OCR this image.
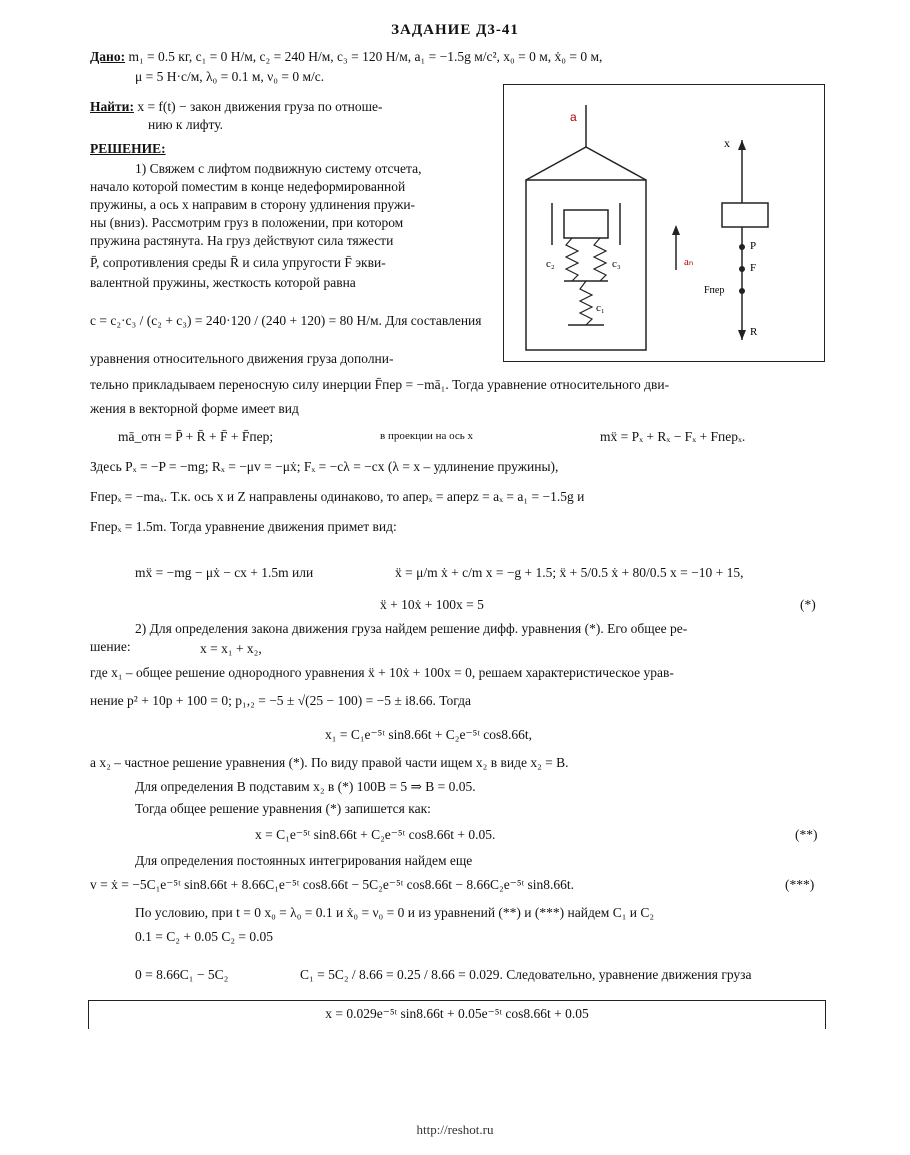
ЗАДАНИЕ Д3-41
Дано: m₁ = 0.5 кг, c₁ = 0 Н/м, c₂ = 240 Н/м, c₃ = 120 Н/м, a₁ = −1.5g м/с², x₀ = 0 м, ẋ₀ = 0 м,
μ = 5 Н·с/м, λ₀ = 0.1 м, ν₀ = 0 м/с.
Найти: x = f(t) − закон движения груза по отноше-
нию к лифту.
РЕШЕНИЕ:
1) Свяжем с лифтом подвижную систему отсчета,
начало которой поместим в конце недеформированной
пружины, а ось x направим в сторону удлинения пружи-
ны (вниз). Рассмотрим груз в положении, при котором
пружина растянута. На груз действуют сила тяжести
P̄, сопротивления среды R̄ и сила упругости F̄ экви-
валентной пружины, жесткость которой равна
c = c₂·c₃ / (c₂ + c₃) = 240·120 / (240 + 120) = 80 Н/м. Для составления
уравнения относительного движения груза дополни-
тельно прикладываем переносную силу инерции F̄пер = −mā₁. Тогда уравнение относительного дви-
жения в векторной форме имеет вид
a
c₂	c₃
c₁
aₙ
x
P
F
Fпер
R
mā_отн = P̄ + R̄ + F̄ + F̄пер;	в проекции на ось x	mẍ = Pₓ + Rₓ − Fₓ + Fперₓ.
Здесь Pₓ = −P = −mg; Rₓ = −μv = −μẋ; Fₓ = −cλ = −cx (λ = x – удлинение пружины),
Fперₓ = −maₓ. Т.к. ось x и Z направлены одинаково, то aперₓ = aперz = aₓ = a₁ = −1.5g и
Fперₓ = 1.5m. Тогда уравнение движения примет вид:
mẍ = −mg − μẋ − cx + 1.5m или	ẍ = μ/m ẋ + c/m x = −g + 1.5; ẍ + 5/0.5 ẋ + 80/0.5 x = −10 + 15,
ẍ + 10ẋ + 100x = 5	(*)
2) Для определения закона движения груза найдем решение дифф. уравнения (*). Его общее ре-
шение:	x = x₁ + x₂,
где x₁ – общее решение однородного уравнения ẍ + 10ẋ + 100x = 0, решаем характеристическое урав-
нение p² + 10p + 100 = 0; p₁,₂ = −5 ± √(25 − 100) = −5 ± i8.66. Тогда
x₁ = C₁e⁻⁵ᵗ sin8.66t + C₂e⁻⁵ᵗ cos8.66t,
а x₂ – частное решение уравнения (*). По виду правой части ищем x₂ в виде x₂ = B.
Для определения B подставим x₂ в (*) 100B = 5 ⇒ B = 0.05.
Тогда общее решение уравнения (*) запишется как:
x = C₁e⁻⁵ᵗ sin8.66t + C₂e⁻⁵ᵗ cos8.66t + 0.05.	(**)
Для определения постоянных интегрирования найдем еще
v = ẋ = −5C₁e⁻⁵ᵗ sin8.66t + 8.66C₁e⁻⁵ᵗ cos8.66t − 5C₂e⁻⁵ᵗ cos8.66t − 8.66C₂e⁻⁵ᵗ sin8.66t.	(***)
По условию, при t = 0 x₀ = λ₀ = 0.1 и ẋ₀ = ν₀ = 0 и из уравнений (**) и (***) найдем C₁ и C₂
0.1 = C₂ + 0.05 C₂ = 0.05
0 = 8.66C₁ − 5C₂	C₁ = 5C₂ / 8.66 = 0.25 / 8.66 = 0.029. Следовательно, уравнение движения груза
x = 0.029e⁻⁵ᵗ sin8.66t + 0.05e⁻⁵ᵗ cos8.66t + 0.05
http://reshot.ru
